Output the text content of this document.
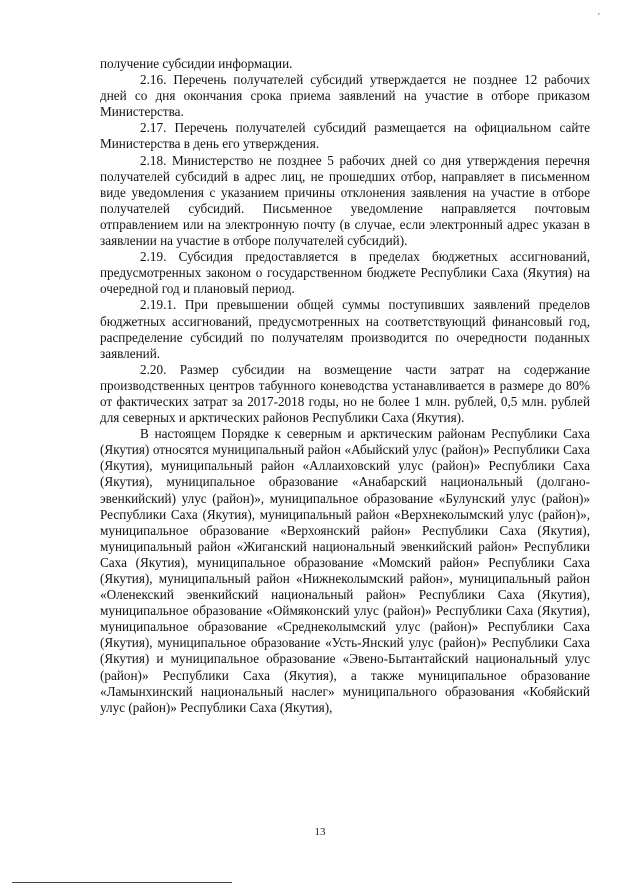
'

получение субсидии информации.

2.16. Перечень получателей субсидий утверждается не позднее 12 рабочих дней со дня окончания срока приема заявлений на участие в отборе приказом Министерства.

2.17. Перечень получателей субсидий размещается на официальном сайте Министерства в день его утверждения.

2.18. Министерство не позднее 5 рабочих дней со дня утверждения перечня получателей субсидий в адрес лиц, не прошедших отбор, направляет в письменном виде уведомления с указанием причины отклонения заявления на участие в отборе получателей субсидий. Письменное уведомление направляется почтовым отправлением или на электронную почту (в случае, если электронный адрес указан в заявлении на участие в отборе получателей субсидий).

2.19. Субсидия предоставляется в пределах бюджетных ассигнований, предусмотренных законом о государственном бюджете Республики Саха (Якутия) на очередной год и плановый период.

2.19.1. При превышении общей суммы поступивших заявлений пределов бюджетных ассигнований, предусмотренных на соответствующий финансовый год, распределение субсидий по получателям производится по очередности поданных заявлений.

2.20. Размер субсидии на возмещение части затрат на содержание производственных центров табунного коневодства устанавливается в размере до 80% от фактических затрат за 2017-2018 годы, но не более 1 млн. рублей, 0,5 млн. рублей для северных и арктических районов Республики Саха (Якутия).

В настоящем Порядке к северным и арктическим районам Республики Саха (Якутия) относятся муниципальный район «Абыйский улус (район)» Республики Саха (Якутия), муниципальный район «Аллаиховский улус (район)» Республики Саха (Якутия), муниципальное образование «Анабарский национальный (долгано-эвенкийский) улус (район)», муниципальное образование «Булунский улус (район)» Республики Саха (Якутия), муниципальный район «Верхнеколымский улус (район)», муниципальное образование «Верхоянский район» Республики Саха (Якутия), муниципальный район «Жиганский национальный эвенкийский район» Республики Саха (Якутия), муниципальное образование «Момский район» Республики Саха (Якутия), муниципальный район «Нижнеколымский район», муниципальный район «Оленекский эвенкийский национальный район» Республики Саха (Якутия), муниципальное образование «Оймяконский улус (район)» Республики Саха (Якутия), муниципальное образование «Среднеколымский улус (район)» Республики Саха (Якутия), муниципальное образование «Усть-Янский улус (район)» Республики Саха (Якутия) и муниципальное образование «Эвено-Бытантайский национальный улус (район)» Республики Саха (Якутия), а также муниципальное образование «Ламынхинский национальный наслег» муниципального образования «Кобяйский улус (район)» Республики Саха (Якутия),

13
